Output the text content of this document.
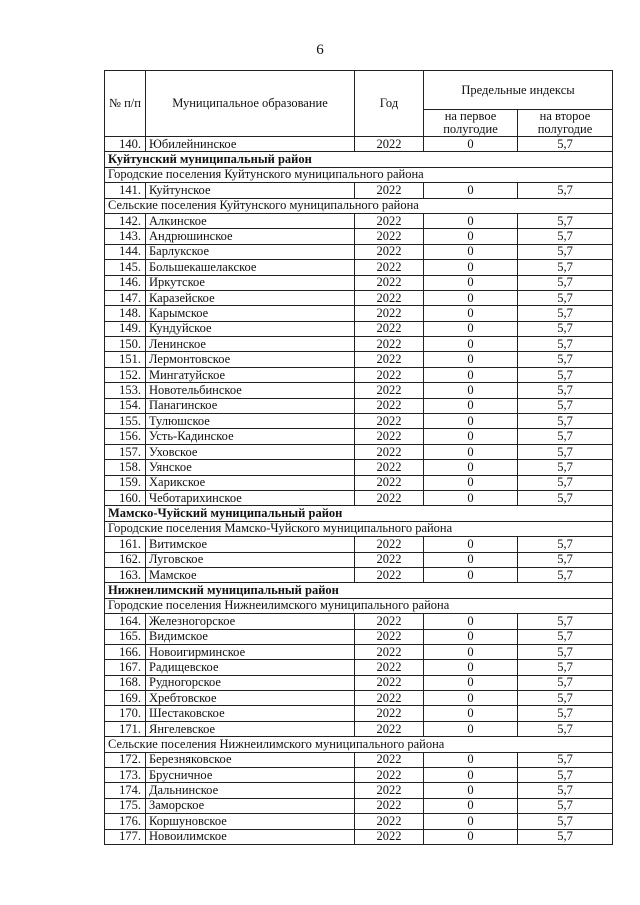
6
№ п/п	Муниципальное образование	Год	Предельные индексы	
			на первое полугодие	на второе полугодие
140.	Юбилейнинское	2022	0	5,7
Куйтунский муниципальный район				
Городские поселения Куйтунского муниципального района				
141.	Куйтунское	2022	0	5,7
Сельские поселения Куйтунского муниципального района				
142.	Алкинское	2022	0	5,7
143.	Андрюшинское	2022	0	5,7
144.	Барлукское	2022	0	5,7
145.	Большекашелакское	2022	0	5,7
146.	Иркутское	2022	0	5,7
147.	Каразейское	2022	0	5,7
148.	Карымское	2022	0	5,7
149.	Кундуйское	2022	0	5,7
150.	Ленинское	2022	0	5,7
151.	Лермонтовское	2022	0	5,7
152.	Мингатуйское	2022	0	5,7
153.	Новотельбинское	2022	0	5,7
154.	Панагинское	2022	0	5,7
155.	Тулюшское	2022	0	5,7
156.	Усть-Кадинское	2022	0	5,7
157.	Уховское	2022	0	5,7
158.	Уянское	2022	0	5,7
159.	Харикское	2022	0	5,7
160.	Чеботарихинское	2022	0	5,7
Мамско-Чуйский муниципальный район				
Городские поселения Мамско-Чуйского муниципального района				
161.	Витимское	2022	0	5,7
162.	Луговское	2022	0	5,7
163.	Мамское	2022	0	5,7
Нижнеилимский муниципальный район				
Городские поселения Нижнеилимского муниципального района				
164.	Железногорское	2022	0	5,7
165.	Видимское	2022	0	5,7
166.	Новоигирминское	2022	0	5,7
167.	Радищевское	2022	0	5,7
168.	Рудногорское	2022	0	5,7
169.	Хребтовское	2022	0	5,7
170.	Шестаковское	2022	0	5,7
171.	Янгелевское	2022	0	5,7
Сельские поселения Нижнеилимского муниципального района				
172.	Березняковское	2022	0	5,7
173.	Брусничное	2022	0	5,7
174.	Дальнинское	2022	0	5,7
175.	Заморское	2022	0	5,7
176.	Коршуновское	2022	0	5,7
177.	Новоилимское	2022	0	5,7
